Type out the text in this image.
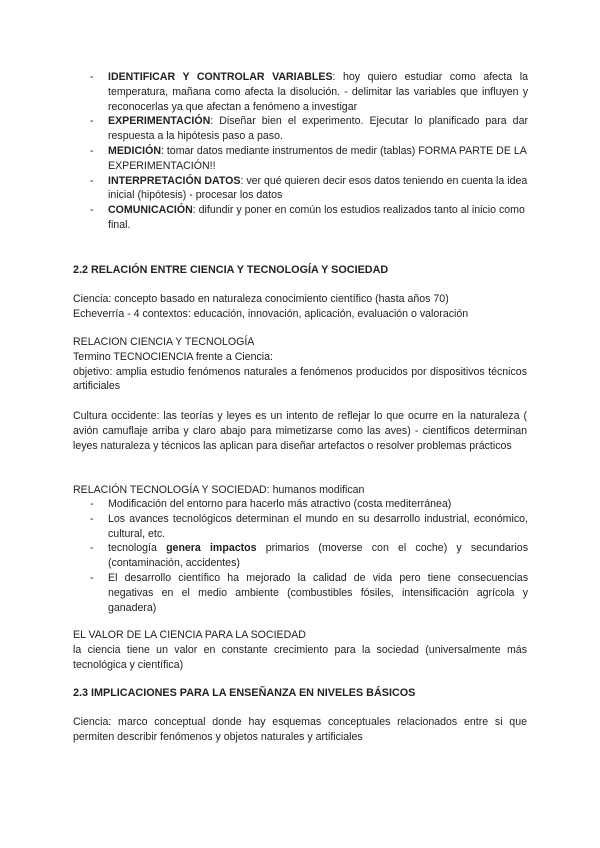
- IDENTIFICAR Y CONTROLAR VARIABLES: hoy quiero estudiar como afecta la temperatura, mañana como afecta la disolución. - delimitar las variables que influyen y reconocerlas ya que afectan a fenómeno a investigar
- EXPERIMENTACIÓN: Diseñar bien el experimento. Ejecutar lo planificado para dar respuesta a la hipótesis paso a paso.
- MEDICIÓN: tomar datos mediante instrumentos de medir (tablas) FORMA PARTE DE LA EXPERIMENTACIÓN!!
- INTERPRETACIÓN DATOS: ver qué quieren decir esos datos teniendo en cuenta la idea inicial (hipótesis) - procesar los datos
- COMUNICACIÓN: difundir y poner en común los estudios realizados tanto al inicio como final.
2.2 RELACIÓN ENTRE CIENCIA Y TECNOLOGÍA Y SOCIEDAD

Ciencia: concepto basado en naturaleza conocimiento científico (hasta años 70)

Echeverría - 4 contextos: educación, innovación, aplicación, evaluación o valoración

RELACION CIENCIA Y TECNOLOGÍA

Termino TECNOCIENCIA frente a Ciencia:

objetivo: amplia estudio fenómenos naturales a fenómenos producidos por dispositivos técnicos artificiales

Cultura occidente: las teorías y leyes es un intento de reflejar lo que ocurre en la naturaleza ( avión camuflaje arriba y claro abajo para mimetizarse como las aves) - científicos determinan leyes naturaleza y técnicos las aplican para diseñar artefactos o resolver problemas prácticos
RELACIÓN TECNOLOGÍA Y SOCIEDAD: humanos modifican
- Modificación del entorno para hacerlo más atractivo (costa mediterránea)
- Los avances tecnológicos determinan el mundo en su desarrollo industrial, económico, cultural, etc.
- tecnología genera impactos primarios (moverse con el coche) y secundarios (contaminación, accidentes)
- El desarrollo científico ha mejorado la calidad de vida pero tiene consecuencias negativas en el medio ambiente (combustibles fósiles, intensificación agrícola y ganadera)

EL VALOR DE LA CIENCIA PARA LA SOCIEDAD

la ciencia tiene un valor en constante crecimiento para la sociedad (universalmente más tecnológica y científica)

2.3 IMPLICACIONES PARA LA ENSEÑANZA EN NIVELES BÁSICOS
Ciencia: marco conceptual donde hay esquemas conceptuales relacionados entre si que permiten describir fenómenos y objetos naturales y artificiales
